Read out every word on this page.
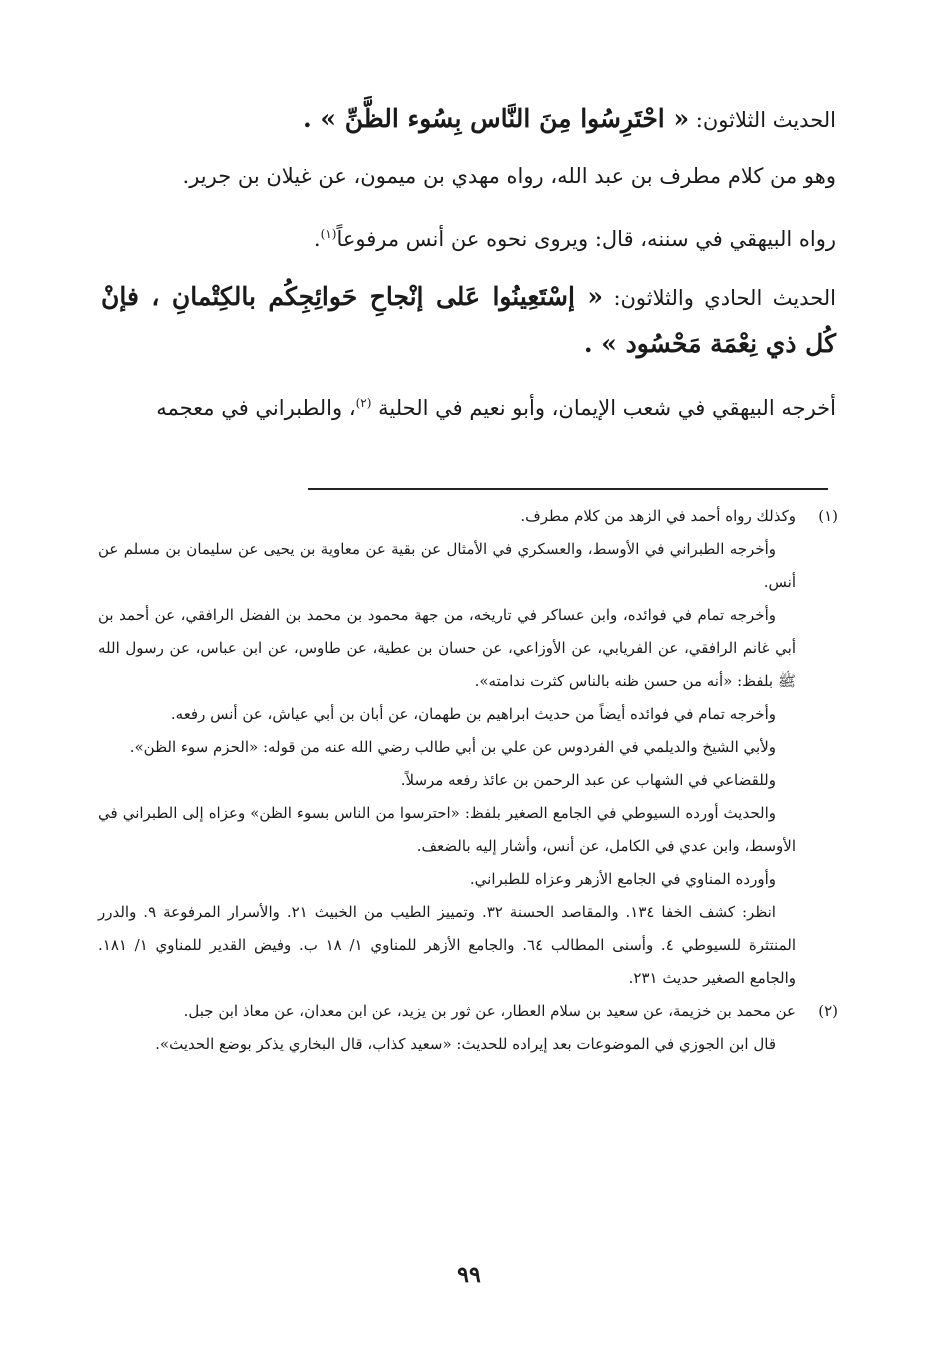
الحديث الثلاثون: « احْتَرِسُوا مِنَ النَّاس بِسُوء الظَّنِّ » .

وهو من كلام مطرف بن عبد الله، رواه مهدي بن ميمون، عن غيلان بن جرير.

رواه البيهقي في سننه، قال: ويروى نحوه عن أنس مرفوعاً$^{(١)}$.

الحديث الحادي والثلاثون: « إسْتَعِينُوا عَلى إنْجاحِ حَوائِجِكُم بالكِتْمانِ ، فإنْ كُل ذي نِعْمَة مَحْسُود » .

أخرجه البيهقي في شعب الإيمان، وأبو نعيم في الحلية $^{(٢)}$، والطبراني في معجمه

(١)

وكذلك رواه أحمد في الزهد من كلام مطرف.

وأخرجه الطبراني في الأوسط، والعسكري في الأمثال عن بقية عن معاوية بن يحيى عن سليمان بن مسلم عن أنس.

وأخرجه تمام في فوائده، وابن عساكر في تاريخه، من جهة محمود بن محمد بن الفضل الرافقي، عن أحمد بن أبي غانم الرافقي، عن الفريابي، عن الأوزاعي، عن حسان بن عطية، عن طاوس، عن ابن عباس، عن رسول الله ﷺ بلفظ: «أنه من حسن ظنه بالناس كثرت ندامته».

وأخرجه تمام في فوائده أيضاً من حديث ابراهيم بن طهمان، عن أبان بن أبي عياش، عن أنس رفعه.

ولأبي الشيخ والديلمي في الفردوس عن علي بن أبي طالب رضي الله عنه من قوله: «الحزم سوء الظن».

وللقضاعي في الشهاب عن عبد الرحمن بن عائذ رفعه مرسلاً.

والحديث أورده السيوطي في الجامع الصغير بلفظ: «احترسوا من الناس بسوء الظن» وعزاه إلى الطبراني في الأوسط، وابن عدي في الكامل، عن أنس، وأشار إليه بالضعف.

وأورده المناوي في الجامع الأزهر وعزاه للطبراني.

انظر: كشف الخفا ١٣٤. والمقاصد الحسنة ٣٢. وتمييز الطيب من الخبيث ٢١. والأسرار المرفوعة ٩. والدرر المنتثرة للسيوطي ٤. وأسنى المطالب ٦٤. والجامع الأزهر للمناوي ١/ ١٨ ب. وفيض القدير للمناوي ١/ ١٨١. والجامع الصغير حديث ٢٣١.

(٢)

عن محمد بن خزيمة، عن سعيد بن سلام العطار، عن ثور بن يزيد، عن ابن معدان، عن معاذ ابن جبل.

قال ابن الجوزي في الموضوعات بعد إيراده للحديث: «سعيد كذاب، قال البخاري يذكر بوضع الحديث».

٩٩
